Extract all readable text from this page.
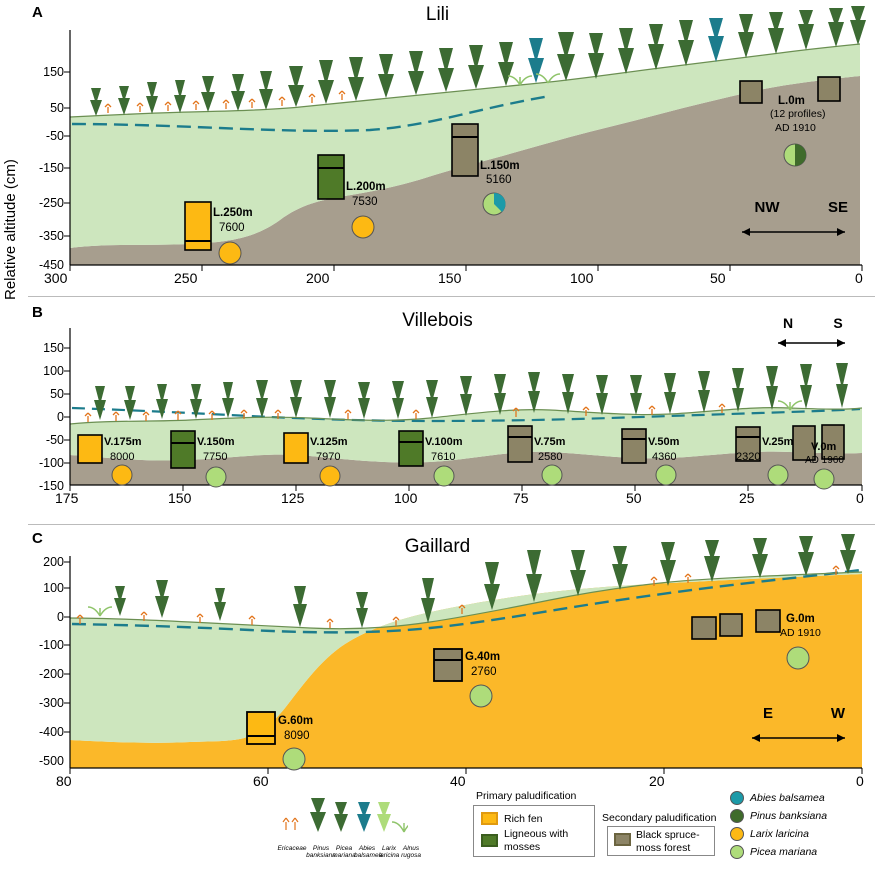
Relative altitude (cm)
A	Lili
150
50
-50
-150
-250
-350
-450
300	250	200	150	100	50	0
NW	SE
L.250m
7600
L.200m
7530
L.150m
5160
L.0m
(12 profiles)
AD 1910
B	Villebois
150
100
50
0
-50
-100
-150
175	150	125	100	75	50	25	0
N	S
V.175m
8000
V.150m
7750
V.125m
7970
V.100m
7610
V.75m
2580
V.50m
4360
V.25m
2320
V.0m
AD 1960
C	Gaillard
200
100
0
-100
-200
-300
-400
-500
80	60	40	20	0
E	W
G.60m
8090
G.40m
2760
G.0m
AD 1910
Ericaceae Pinus banksiana
Picea mariana
Abies balsamea
Larix laricina
Alnus rugosa
Primary paludification
Rich fen
Ligneous with mosses
Secondary paludification
Black spruce-moss forest
Abies balsamea
Pinus banksiana
Larix laricina
Picea mariana
